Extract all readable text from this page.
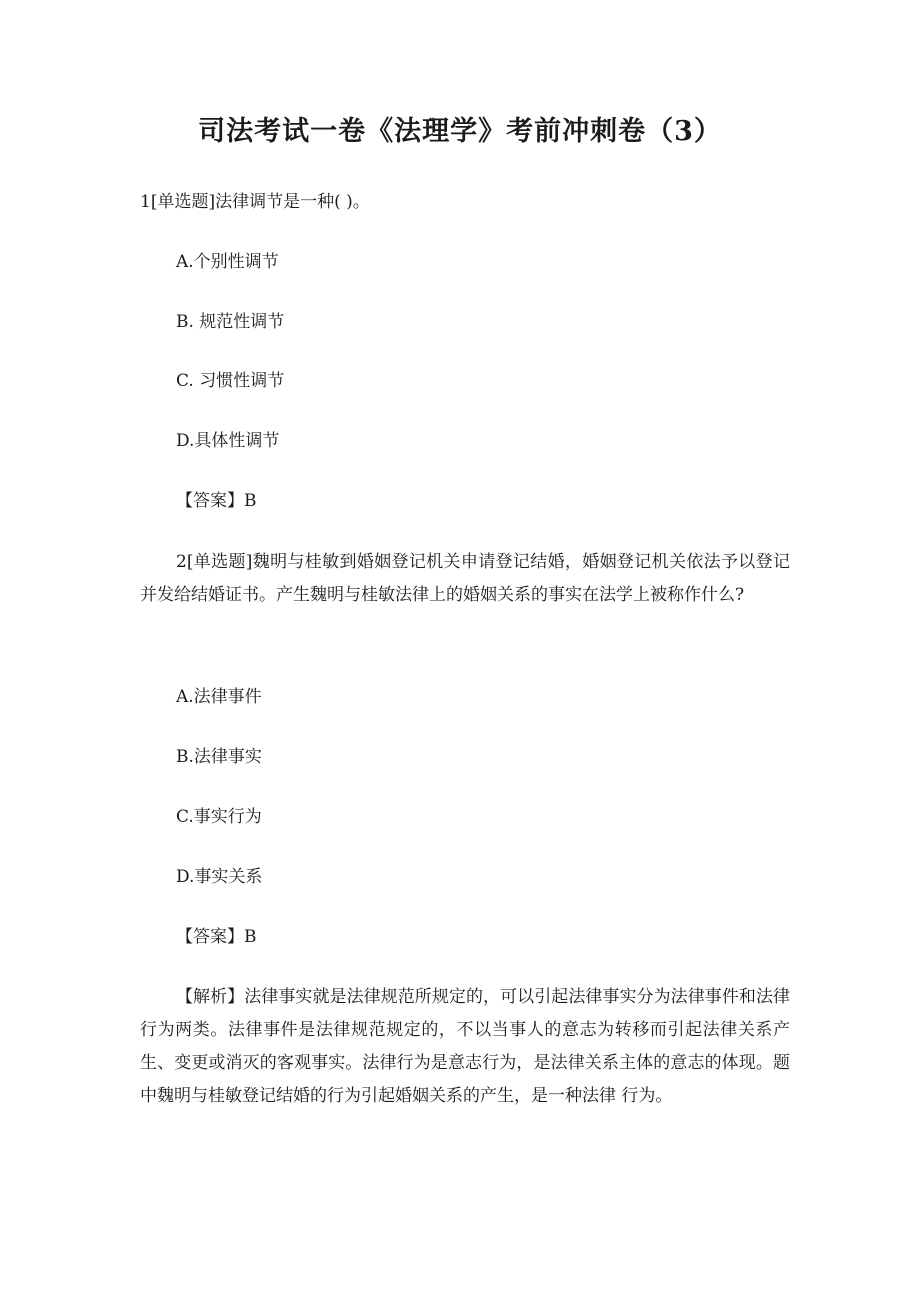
司法考试一卷《法理学》考前冲刺卷（3）
1[单选题]法律调节是一种( )。
A.个别性调节
B. 规范性调节
C. 习惯性调节
D.具体性调节
【答案】B
2[单选题]魏明与桂敏到婚姻登记机关申请登记结婚，婚姻登记机关依法予以登记并发给结婚证书。产生魏明与桂敏法律上的婚姻关系的事实在法学上被称作什么?
A.法律事件
B.法律事实
C.事实行为
D.事实关系
【答案】B
【解析】法律事实就是法律规范所规定的，可以引起法律事实分为法律事件和法律行为两类。法律事件是法律规范规定的，不以当事人的意志为转移而引起法律关系产生、变更或消灭的客观事实。法律行为是意志行为，是法律关系主体的意志的体现。题中魏明与桂敏登记结婚的行为引起婚姻关系的产生，是一种法律 行为。
